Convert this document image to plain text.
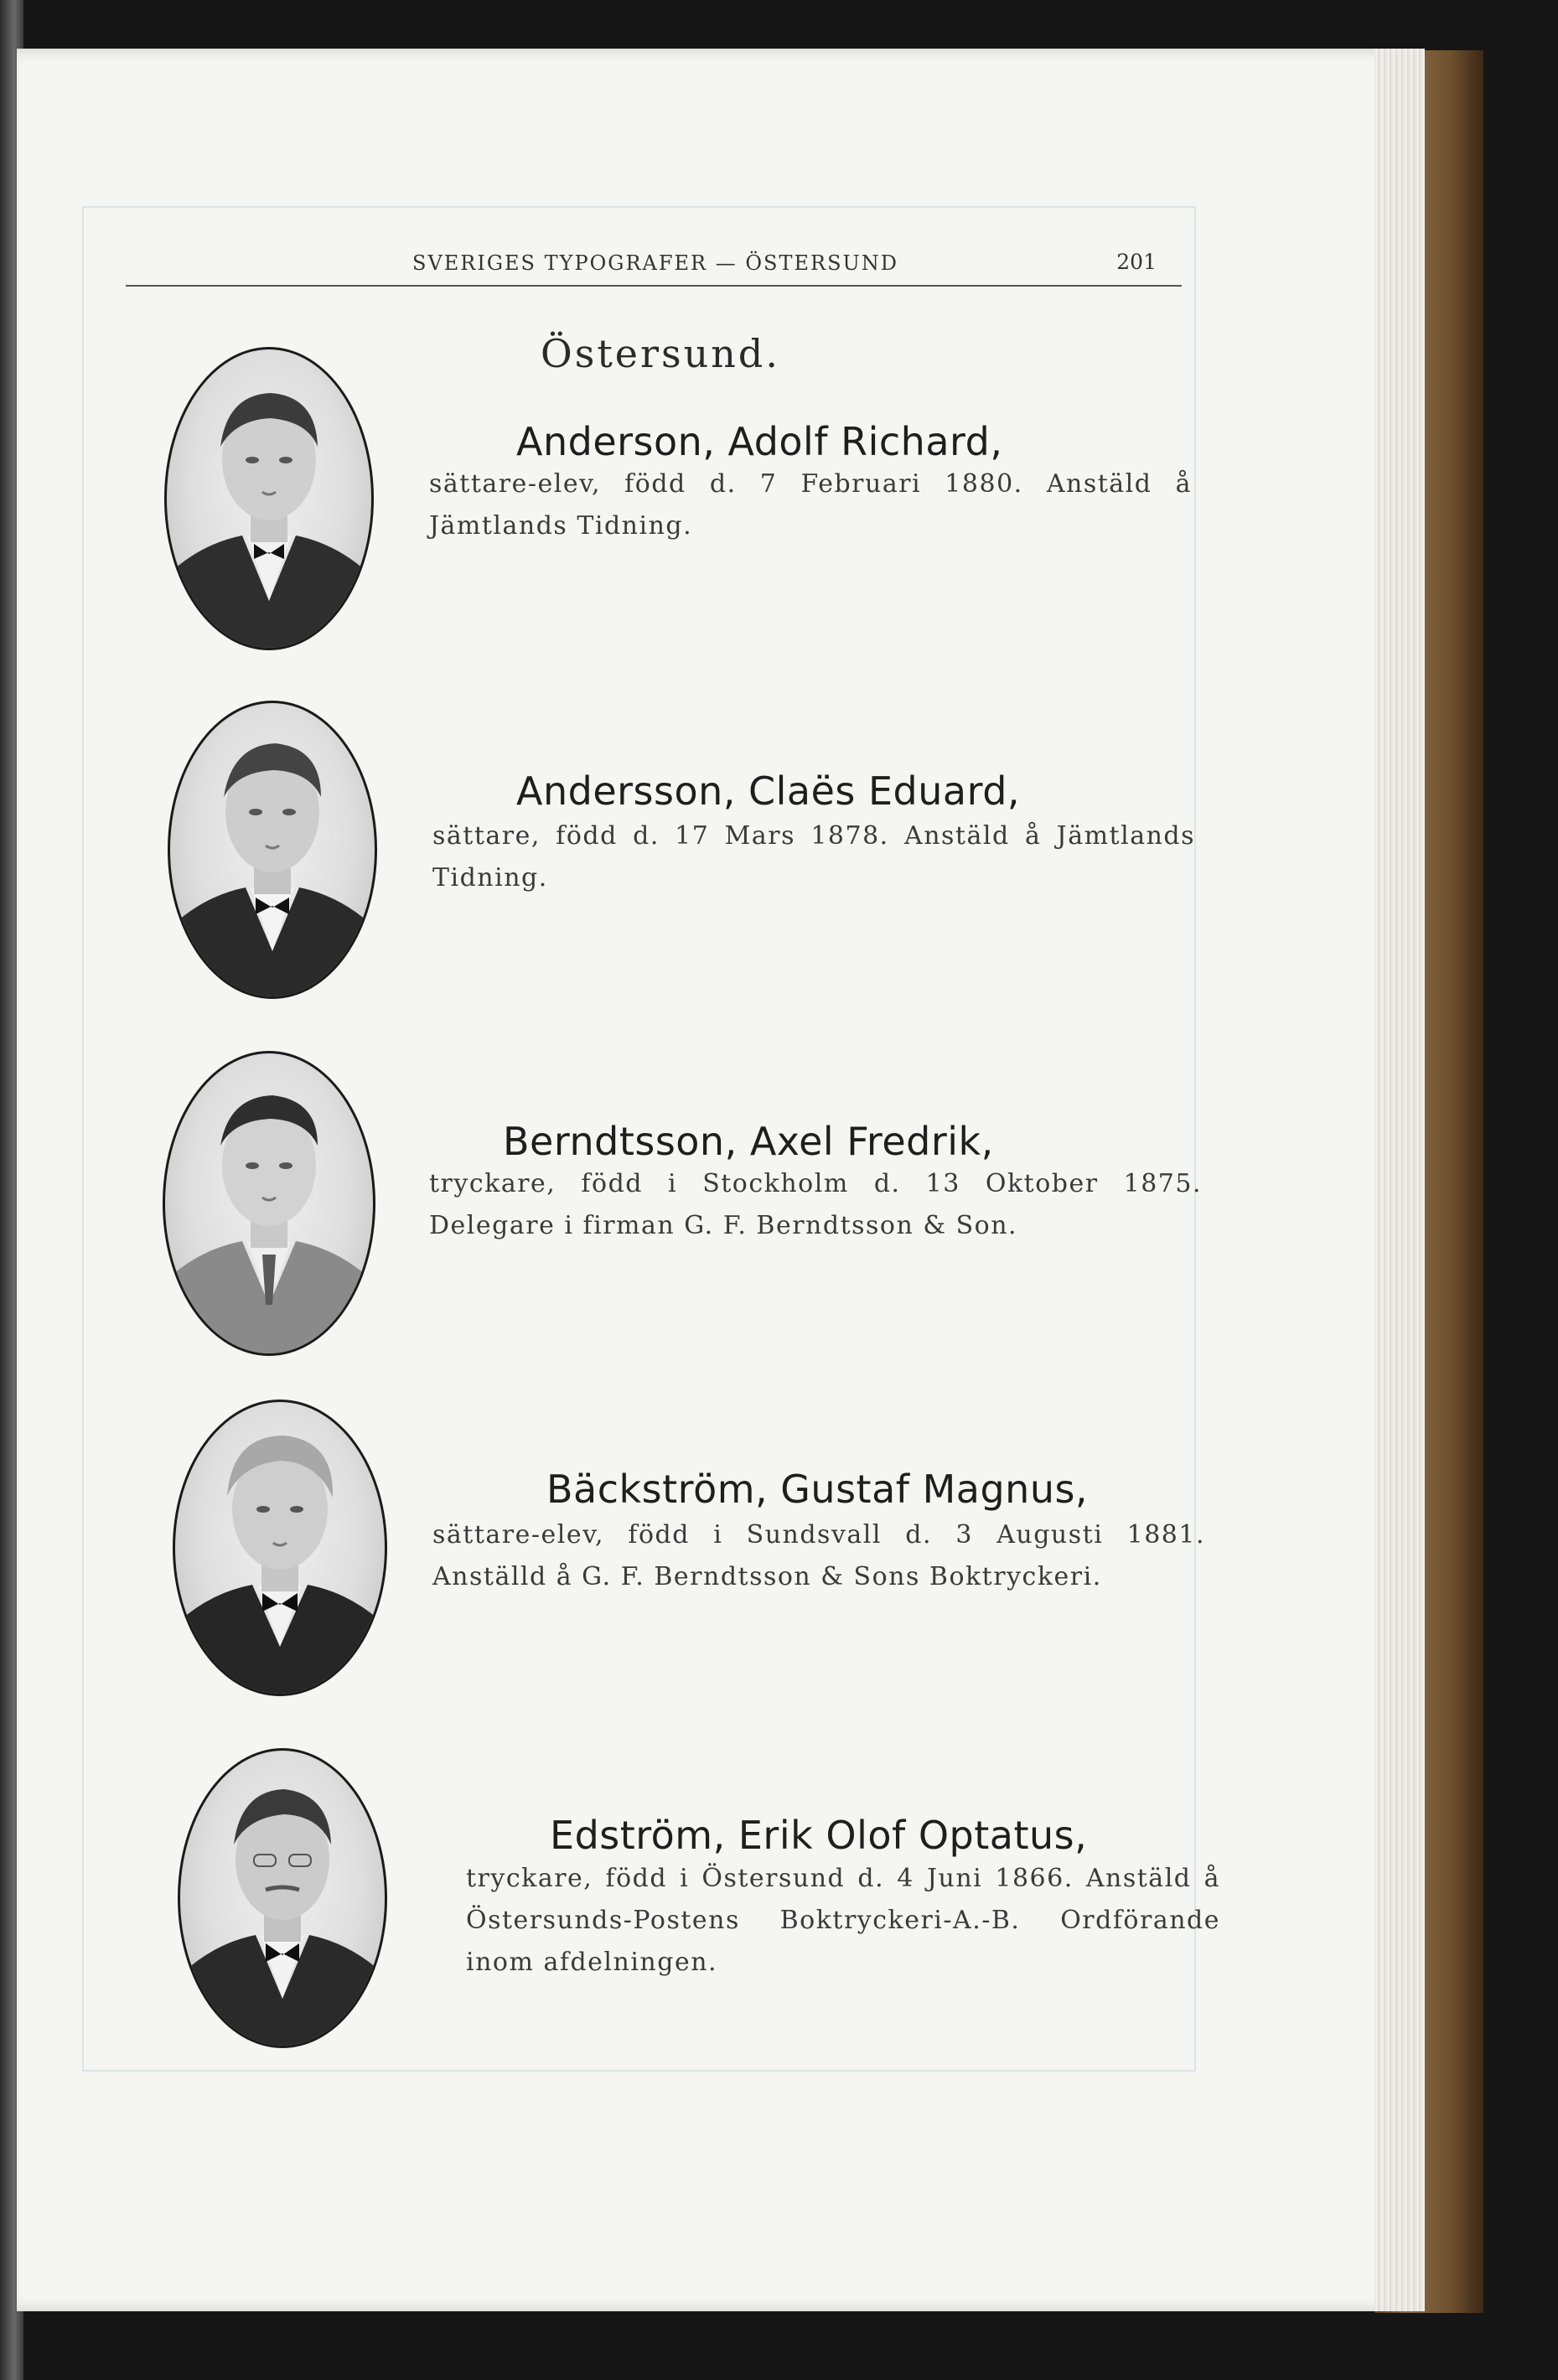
SVERIGES TYPOGRAFER — ÖSTERSUND	201
Östersund.
Anderson, Adolf Richard,
sättare-elev, född d. 7 Februari 1880. Anstäld å Jämtlands Tidning.
Andersson, Claës Eduard,
sättare, född d. 17 Mars 1878. Anstäld å Jämtlands Tidning.
Berndtsson, Axel Fredrik,
tryckare, född i Stockholm d. 13 Oktober 1875. Delegare i firman G. F. Berndtsson & Son.
Bäckström, Gustaf Magnus,
sättare-elev, född i Sundsvall d. 3 Augusti 1881. Anställd å G. F. Berndtsson & Sons Boktryckeri.
Edström, Erik Olof Optatus,
tryckare, född i Östersund d. 4 Juni 1866. Anstäld å Östersunds-Postens Boktryckeri-A.-B. Ordförande inom afdelningen.
